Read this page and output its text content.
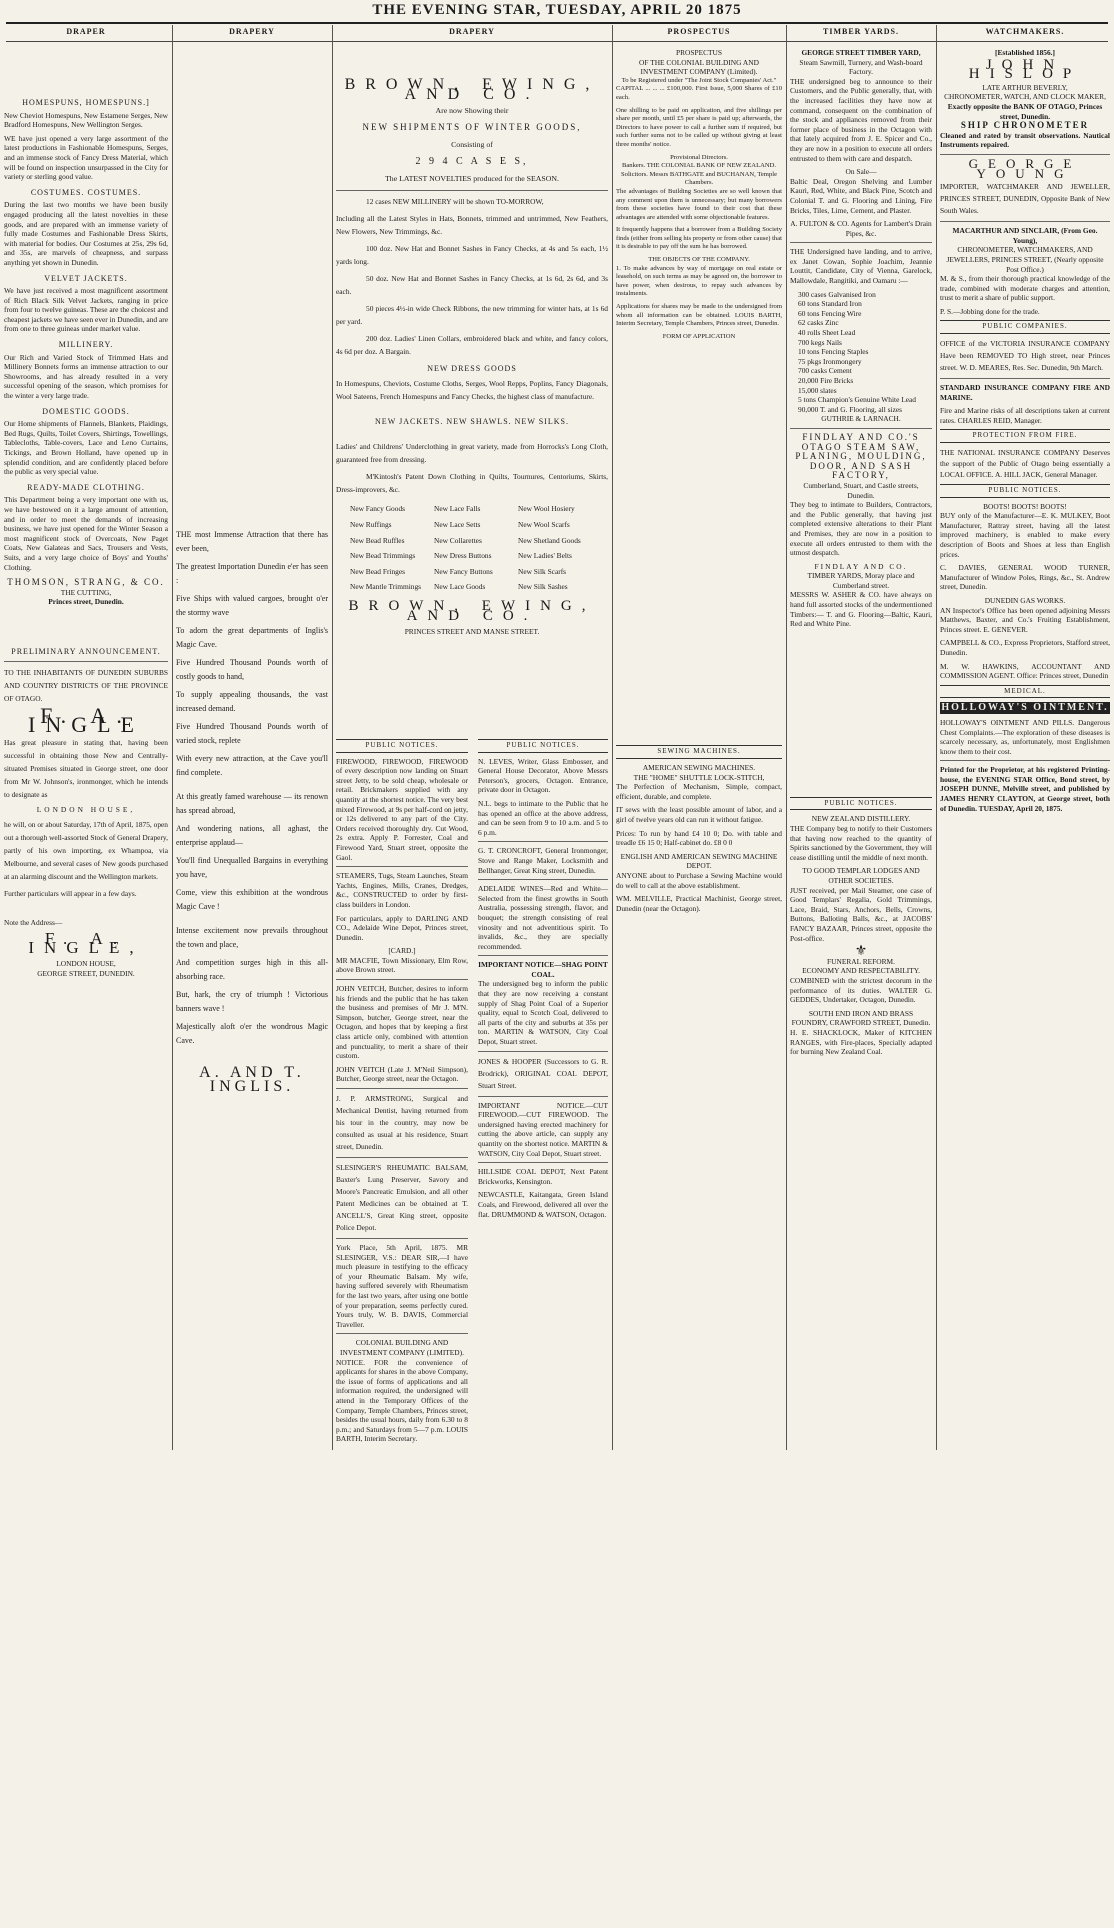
THE EVENING STAR, TUESDAY, APRIL 20 1875
DRAPER	DRAPERY	DRAPERY	PROSPECTUS	TIMBER YARDS.	WATCHMAKERS.
HOMESPUNS, HOMESPUNS.]

New Cheviot Homespuns, New Estamene Serges, New Bradford Homespuns, New Wellington Serges.

WE have just opened a very large assortment of the latest productions in Fashionable Homespuns, Serges, and an immense stock of Fancy Dress Material, which will be found on inspection unsurpassed in the City for variety or sterling good value.

COSTUMES. COSTUMES.

During the last two months we have been busily engaged producing all the latest novelties in these goods, and are prepared with an immense variety of fully made Costumes and Fashionable Dress Skirts, with material for bodies. Our Costumes at 25s, 29s 6d, and 35s, are marvels of cheapness, and surpass anything yet shown in Dunedin.

VELVET JACKETS.

We have just received a most magnificent assortment of Rich Black Silk Velvet Jackets, ranging in price from four to twelve guineas. These are the choicest and cheapest jackets we have seen ever in Dunedin, and are from one to three guineas under market value.

MILLINERY.

Our Rich and Varied Stock of Trimmed Hats and Millinery Bonnets forms an immense attraction to our Showrooms, and has already resulted in a very successful opening of the season, which promises for the winter a very large trade.

DOMESTIC GOODS.

Our Home shipments of Flannels, Blankets, Plaidings, Bed Rugs, Quilts, Toilet Covers, Shirtings, Towellings, Tablecloths, Table-covers, Lace and Leno Curtains, Tickings, and Brown Holland, have opened up in splendid condition, and are confidently placed before the public as very special value.

READY-MADE CLOTHING.

This Department being a very important one with us, we have bestowed on it a large amount of attention, and in order to meet the demands of increasing business, we have just opened for the Winter Season a most magnificent stock of Overcoats, New Paget Coats, New Galateas and Sacs, Trousers and Vests, Suits, and a very large choice of Boys' and Youths' Clothing.

THOMSON, STRANG, & CO.
THE CUTTING,
Princes street, Dunedin.
PRELIMINARY ANNOUNCEMENT.

TO THE INHABITANTS OF DUNEDIN SUBURBS AND COUNTRY DISTRICTS OF THE PROVINCE OF OTAGO.

F. A. INGLE

Has great pleasure in stating that, having been successful in obtaining those New and Centrally-situated Premises situated in George street, one door from Mr W. Johnson's, ironmonger, which he intends to designate as

LONDON HOUSE,

he will, on or about Saturday, 17th of April, 1875, open out a thorough well-assorted Stock of General Drapery, partly of his own importing, ex Whampoa, via Melbourne, and several cases of New goods purchased at an alarming discount and the Wellington markets.

Further particulars will appear in a few days.

Note the Address—

F. A. INGLE,
LONDON HOUSE,
GEORGE STREET, DUNEDIN.

THE most Immense Attraction that there has ever been,

The greatest Importation Dunedin e'er has seen :

Five Ships with valued cargoes, brought o'er the stormy wave

To adorn the great departments of Inglis's Magic Cave.

Five Hundred Thousand Pounds worth of costly goods to hand,

To supply appealing thousands, the vast increased demand.

Five Hundred Thousand Pounds worth of varied stock, replete

With every new attraction, at the Cave you'll find complete.

At this greatly famed warehouse — its renown has spread abroad,

And wondering nations, all aghast, the enterprise applaud—

You'll find Unequalled Bargains in everything you have,

Come, view this exhibition at the wondrous Magic Cave !

Intense excitement now prevails throughout the town and place,

And competition surges high in this all-absorbing race.

But, hark, the cry of triumph ! Victorious banners wave !

Majestically aloft o'er the wondrous Magic Cave.

A. AND T. INGLIS.
BROWN, EWING, AND CO.
Are now Showing their
NEW SHIPMENTS OF WINTER GOODS,
Consisting of
2 9 4 C A S E S,
The LATEST NOVELTIES produced for the SEASON.

12 cases NEW MILLINERY will be shown TO-MORROW,

Including all the Latest Styles in Hats, Bonnets, trimmed and untrimmed, New Feathers, New Flowers, New Trimmings, &c.

100 doz. New Hat and Bonnet Sashes in Fancy Checks, at 4s and 5s each, 1½ yards long.

50 doz. New Hat and Bonnet Sashes in Fancy Checks, at 1s 6d, 2s 6d, and 3s each.

50 pieces 4½-in wide Check Ribbons, the new trimming for winter hats, at 1s 6d per yard.

200 doz. Ladies' Linen Collars, embroidered black and white, and fancy colors, 4s 6d per doz. A Bargain.

NEW DRESS GOODS

In Homespuns, Cheviots, Costume Cloths, Serges, Wool Repps, Poplins, Fancy Diagonals, Wool Sateens, French Homespuns and Fancy Checks, the highest class of manufacture.

NEW JACKETS. NEW SHAWLS. NEW SILKS.

Ladies' and Childrens' Underclothing in great variety, made from Horrocks's Long Cloth, guaranteed free from dressing.

M'Kintosh's Patent Down Clothing in Quilts, Tournures, Centoriums, Skirts, Dress-improvers, &c.

New Fancy Goods	New Lace Falls	New Wool Hosiery
New Ruffings	New Lace Setts	New Wool Scarfs
New Bead Ruffles	New Collarettes	New Shetland Goods
New Bead Trimmings	New Dress Buttons	New Ladies' Belts
New Bead Fringes	New Fancy Buttons	New Silk Scarfs
New Mantle Trimmings	New Lace Goods	New Silk Sashes
BROWN, EWING, AND CO.
PRINCES STREET AND MANSE STREET.
PUBLIC NOTICES.

FIREWOOD, FIREWOOD, FIREWOOD of every description now landing on Stuart street Jetty, to be sold cheap, wholesale or retail. Brickmakers supplied with any quantity at the shortest notice. The very best mixed Firewood, at 9s per half-cord on jetty, or 12s delivered to any part of the City. Orders received thoroughly dry. Cut Wood, 2s extra. Apply P. Forrester, Coal and Firewood Yard, Stuart street, opposite the Gaol.

STEAMERS, Tugs, Steam Launches, Steam Yachts, Engines, Mills, Cranes, Dredges, &c., CONSTRUCTED to order by first-class builders in London.

For particulars, apply to DARLING AND CO., Adelaide Wine Depot, Princes street, Dunedin.

[CARD.]

MR MACFIE, Town Missionary, Elm Row, above Brown street.

JOHN VEITCH, Butcher, desires to inform his friends and the public that he has taken the business and premises of Mr J. M'N. Simpson, butcher, George street, near the Octagon, and hopes that by keeping a first class article only, combined with attention and punctuality, to merit a share of their custom.

JOHN VEITCH (Late J. M'Neil Simpson), Butcher, George street, near the Octagon.

J. P. ARMSTRONG, Surgical and Mechanical Dentist, having returned from his tour in the country, may now be consulted as usual at his residence, Stuart street, Dunedin.

SLESINGER'S RHEUMATIC BALSAM, Baxter's Lung Preserver, Savory and Moore's Pancreatic Emulsion, and all other Patent Medicines can be obtained at T. ANCELL'S, Great King street, opposite Police Depot.

York Place, 5th April, 1875. MR SLESINGER, V.S.: DEAR SIR,—I have much pleasure in testifying to the efficacy of your Rheumatic Balsam. My wife, having suffered severely with Rheumatism for the last two years, after using one bottle of your preparation, seems perfectly cured. Yours truly, W. B. DAVIS, Commercial Traveller.

COLONIAL BUILDING AND INVESTMENT COMPANY (LIMITED).

NOTICE. FOR the convenience of applicants for shares in the above Company, the issue of forms of applications and all information required, the undersigned will attend in the Temporary Offices of the Company, Temple Chambers, Princes street, besides the usual hours, daily from 6.30 to 8 p.m.; and Saturdays from 5—7 p.m. LOUIS BARTH, Interim Secretary.

PUBLIC NOTICES.

N. LEVES, Writer, Glass Embosser, and General House Decorator, Above Messrs Peterson's, grocers, Octagon. Entrance, private door in Octagon.

N.L. begs to intimate to the Public that he has opened an office at the above address, and can be seen from 9 to 10 a.m. and 5 to 6 p.m.

G. T. CRONCROFT, General Ironmonger, Stove and Range Maker, Locksmith and Bellhanger, Great King street, Dunedin.

ADELAIDE WINES—Red and White—Selected from the finest growths in South Australia, possessing strength, flavor, and bouquet; the strength consisting of real vinosity and not adventitious spirit. To invalids, &c., they are specially recommended.

IMPORTANT NOTICE—SHAG POINT COAL.

The undersigned beg to inform the public that they are now receiving a constant supply of Shag Point Coal of a Superior quality, equal to Scotch Coal, delivered to all parts of the city and suburbs at 35s per ton. MARTIN & WATSON, City Coal Depot, Stuart street.

JONES & HOOPER (Successors to G. R. Brodrick), ORIGINAL COAL DEPOT, Stuart Street.

IMPORTANT NOTICE.—CUT FIREWOOD.—CUT FIREWOOD. The undersigned having erected machinery for cutting the above article, can supply any quantity on the shortest notice. MARTIN & WATSON, City Coal Depot, Stuart street.

HILLSIDE COAL DEPOT, Next Patent Brickworks, Kensington.

NEWCASTLE, Kaitangata, Green Island Coals, and Firewood, delivered all over the flat. DRUMMOND & WATSON, Octagon.

PROSPECTUS
OF THE COLONIAL BUILDING AND INVESTMENT COMPANY (Limited).
To be Registered under "The Joint Stock Companies' Act."

CAPITAL ... ... ... £100,000. First Issue, 5,000 Shares of £10 each.

One shilling to be paid on application, and five shillings per share per month, until £5 per share is paid up; afterwards, the Directors to have power to call a further sum if required, but such further sums not to be called up without giving at least three months' notice.

Provisional Directors.
Bankers. THE COLONIAL BANK OF NEW ZEALAND.
Solicitors. Messrs BATHGATE and BUCHANAN, Temple Chambers.

The advantages of Building Societies are so well known that any comment upon them is unnecessary; but many borrowers from these societies have found to their cost that these advantages are attended with some objectionable features.

It frequently happens that a borrower from a Building Society finds (either from selling his property or from other cause) that it is desirable to pay off the sum he has borrowed.

THE OBJECTS OF THE COMPANY.

1. To make advances by way of mortgage on real estate or leasehold, on such terms as may be agreed on, the borrower to have power, when desirous, to repay such advances by instalments.

Applications for shares may be made to the undersigned from whom all information can be obtained. LOUIS BARTH, Interim Secretary, Temple Chambers, Princes street, Dunedin.

FORM OF APPLICATION
SEWING MACHINES.
AMERICAN SEWING MACHINES.
THE "HOME" SHUTTLE LOCK-STITCH,

The Perfection of Mechanism, Simple, compact, efficient, durable, and complete.

IT sews with the least possible amount of labor, and a girl of twelve years old can run it without fatigue.

Prices: To run by hand £4 10 0; Do. with table and treadle £6 15 0; Half-cabinet do. £8 0 0

ENGLISH AND AMERICAN SEWING MACHINE DEPOT.

ANYONE about to Purchase a Sewing Machine would do well to call at the above establishment.

WM. MELVILLE, Practical Machinist, George street, Dunedin (near the Octagon).

GEORGE STREET TIMBER YARD,
Steam Sawmill, Turnery, and Wash-board Factory.

THE undersigned beg to announce to their Customers, and the Public generally, that, with the increased facilities they have now at command, consequent on the combination of the stock and appliances removed from their former place of business in the Octagon with that lately acquired from J. E. Spicer and Co., they are now in a position to execute all orders entrusted to them with care and despatch.

On Sale—

Baltic Deal, Oregon Shelving and Lumber Kauri, Red, White, and Black Pine, Scotch and Colonial T. and G. Flooring and Lining, Fire Bricks, Tiles, Lime, Cement, and Plaster.

A. FULTON & CO. Agents for Lambert's Drain Pipes, &c.

THE Undersigned have landing, and to arrive, ex Janet Cowan, Sophie Joachim, Jeannie Louttit, Candidate, City of Vienna, Garelock, Mallowdale, Rangitiki, and Oamaru :—

300 cases Galvanised Iron
60 tons Standard Iron
60 tons Fencing Wire
62 casks Zinc
40 rolls Sheet Lead
700 kegs Nails
10 tons Fencing Staples
75 pkgs Ironmongery
700 casks Cement
20,000 Fire Bricks
15,000 slates
5 tons Champion's Genuine White Lead
90,000 T. and G. Flooring, all sizes
GUTHRIE & LARNACH.
FINDLAY AND CO.'S OTAGO STEAM SAW, PLANING, MOULDING, DOOR, AND SASH FACTORY,
Cumberland, Stuart, and Castle streets, Dunedin.

They beg to intimate to Builders, Contractors, and the Public generally, that having just completed extensive alterations to their Plant and Premises, they are now in a position to execute all orders entrusted to them with the utmost despatch.

FINDLAY AND CO.
TIMBER YARDS, Moray place and Cumberland street.

MESSRS W. ASHER & CO. have always on hand full assorted stocks of the undermentioned Timbers:— T. and G. Flooring—Baltic, Kauri, Red and White Pine.

PUBLIC NOTICES.
NEW ZEALAND DISTILLERY.

THE Company beg to notify to their Customers that having now reached to the quantity of Spirits sanctioned by the Government, they will cease distilling until the middle of next month.

TO GOOD TEMPLAR LODGES AND OTHER SOCIETIES.

JUST received, per Mail Steamer, one case of Good Templars' Regalia, Gold Trimmings, Lace, Braid, Stars, Anchors, Bells, Crowns, Buttons, Balloting Balls, &c., at JACOBS' FANCY BAZAAR, Princes street, opposite the Post-office.

⚜
FUNERAL REFORM.
ECONOMY AND RESPECTABILITY.

COMBINED with the strictest decorum in the performance of its duties. WALTER G. GEDDES, Undertaker, Octagon, Dunedin.

SOUTH END IRON AND BRASS FOUNDRY, CRAWFORD STREET, Dunedin.

H. E. SHACKLOCK, Maker of KITCHEN RANGES, with Fire-places, Specially adapted for burning New Zealand Coal.

[Established 1856.]
JOHN HISLOP
LATE ARTHUR BEVERLY,
CHRONOMETER, WATCH, AND CLOCK MAKER,
Exactly opposite the BANK OF OTAGO, Princes street, Dunedin.
SHIP CHRONOMETER

Cleaned and rated by transit observations. Nautical Instruments repaired.

GEORGE YOUNG

IMPORTER, WATCHMAKER AND JEWELLER, PRINCES STREET, DUNEDIN, Opposite Bank of New South Wales.

MACARTHUR AND SINCLAIR, (From Geo. Young),
CHRONOMETER, WATCHMAKERS, AND JEWELLERS, PRINCES STREET, (Nearly opposite Post Office.)

M. & S., from their thorough practical knowledge of the trade, combined with moderate charges and attention, trust to merit a share of public support.

P. S.—Jobbing done for the trade.

PUBLIC COMPANIES.

OFFICE of the VICTORIA INSURANCE COMPANY Have been REMOVED TO High street, near Princes street. W. D. MEARES, Res. Sec. Dunedin, 9th March.

STANDARD INSURANCE COMPANY FIRE AND MARINE.

Fire and Marine risks of all descriptions taken at current rates. CHARLES REID, Manager.

PROTECTION FROM FIRE.

THE NATIONAL INSURANCE COMPANY Deserves the support of the Public of Otago being essentially a LOCAL OFFICE. A. HILL JACK, General Manager.

PUBLIC NOTICES.
BOOTS! BOOTS! BOOTS!

BUY only of the Manufacturer—E. K. MULKEY, Boot Manufacturer, Rattray street, having all the latest improved machinery, is enabled to make every description of Boots and Shoes at less than English prices.

C. DAVIES, GENERAL WOOD TURNER, Manufacturer of Window Poles, Rings, &c., St. Andrew street, Dunedin.

DUNEDIN GAS WORKS.

AN Inspector's Office has been opened adjoining Messrs Matthews, Baxter, and Co.'s Fruiting Establishment, Princes street. E. GENEVER.

CAMPBELL & CO., Express Proprietors, Stafford street, Dunedin.

M. W. HAWKINS, ACCOUNTANT AND COMMISSION AGENT. Office: Princes street, Dunedin

MEDICAL.
HOLLOWAY'S OINTMENT.

HOLLOWAY'S OINTMENT AND PILLS. Dangerous Chest Complaints.—The exploration of these diseases is scarcely necessary, as, unfortunately, most Englishmen know them to their cost.

Printed for the Proprietor, at his registered Printing-house, the EVENING STAR Office, Bond street, by JOSEPH DUNNE, Melville street, and published by JAMES HENRY CLAYTON, at George street, both of Dunedin. TUESDAY, April 20, 1875.
